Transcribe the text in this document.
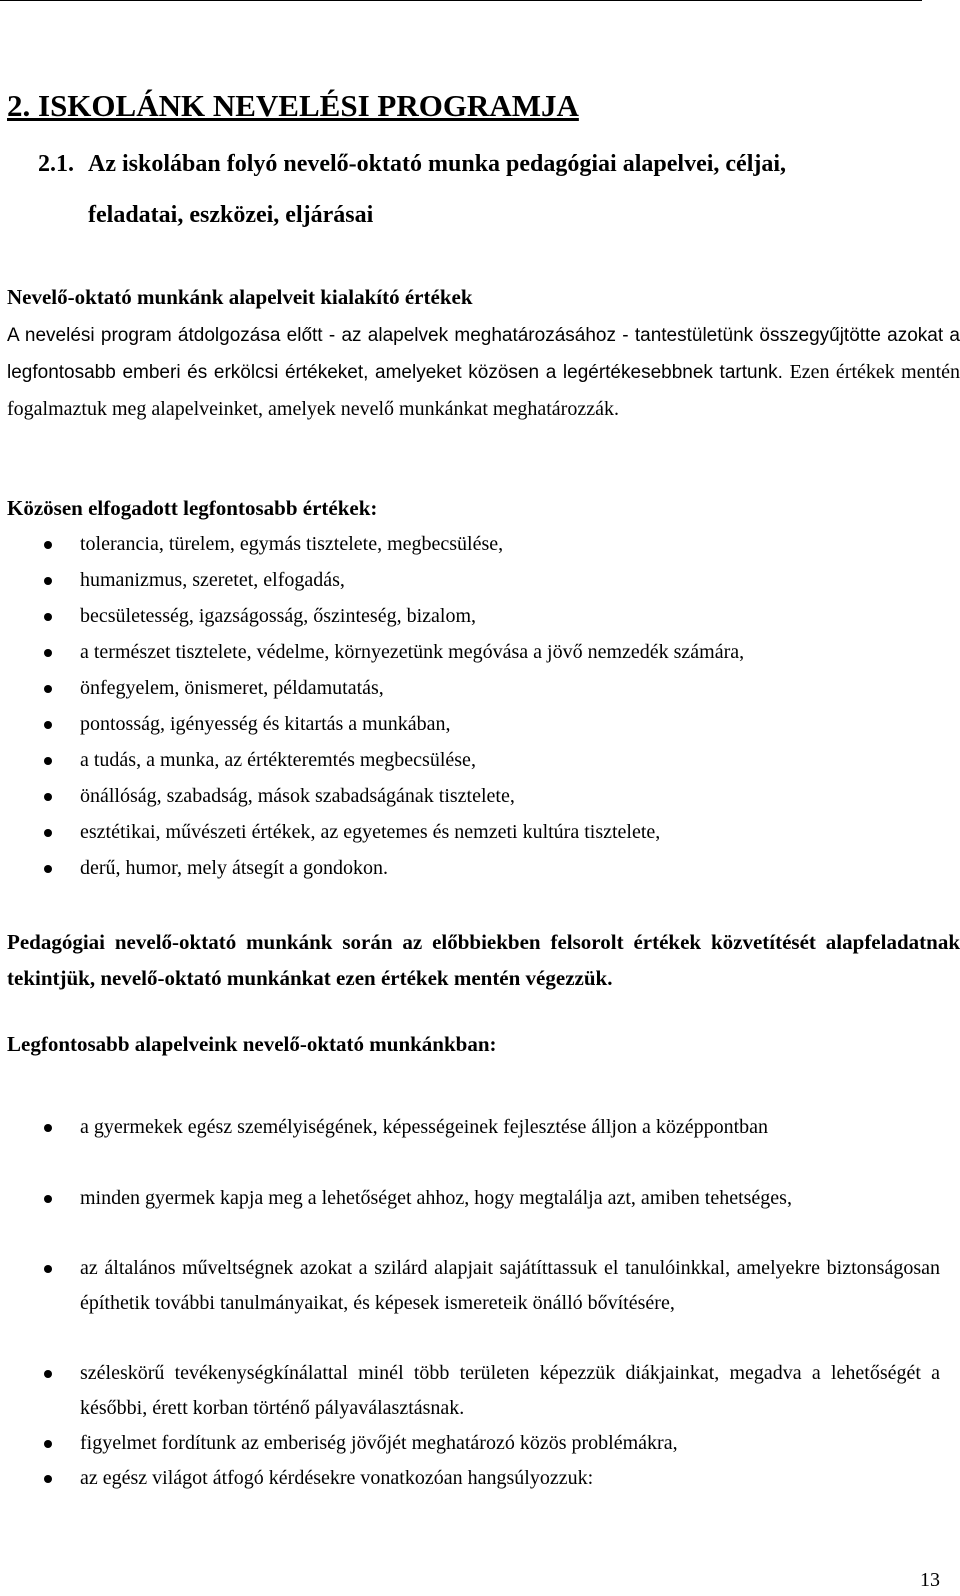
2. ISKOLÁNK NEVELÉSI PROGRAMJA
2.1. Az iskolában folyó nevelő-oktató munka pedagógiai alapelvei, céljai,
feladatai, eszközei, eljárásai
Nevelő-oktató munkánk alapelveit kialakító értékek

A nevelési program átdolgozása előtt - az alapelvek meghatározásához - tantestületünk összegyűjtötte azokat a legfontosabb emberi és erkölcsi értékeket, amelyeket közösen a legértékesebbnek tartunk. Ezen értékek mentén fogalmaztuk meg alapelveinket, amelyek nevelő munkánkat meghatározzák.

Közösen elfogadott legfontosabb értékek:
tolerancia, türelem, egymás tisztelete, megbecsülése,
humanizmus, szeretet, elfogadás,
becsületesség, igazságosság, őszinteség, bizalom,
a természet tisztelete, védelme, környezetünk megóvása a jövő nemzedék számára,
önfegyelem, önismeret, példamutatás,
pontosság, igényesség és kitartás a munkában,
a tudás, a munka, az értékteremtés megbecsülése,
önállóság, szabadság, mások szabadságának tisztelete,
esztétikai, művészeti értékek, az egyetemes és nemzeti kultúra tisztelete,
derű, humor, mely átsegít a gondokon.

Pedagógiai nevelő-oktató munkánk során az előbbiekben felsorolt értékek közvetítését alapfeladatnak tekintjük, nevelő-oktató munkánkat ezen értékek mentén végezzük.

Legfontosabb alapelveink nevelő-oktató munkánkban:
a gyermekek egész személyiségének, képességeinek fejlesztése álljon a középpontban
minden gyermek kapja meg a lehetőséget ahhoz, hogy megtalálja azt, amiben tehetséges,
az általános műveltségnek azokat a szilárd alapjait sajátíttassuk el tanulóinkkal, amelyekre biztonságosan építhetik további tanulmányaikat, és képesek ismereteik önálló bővítésére,
széleskörű tevékenységkínálattal minél több területen képezzük diákjainkat, megadva a lehetőségét a későbbi, érett korban történő pályaválasztásnak.
figyelmet fordítunk az emberiség jövőjét meghatározó közös problémákra,
az egész világot átfogó kérdésekre vonatkozóan hangsúlyozzuk:
13
